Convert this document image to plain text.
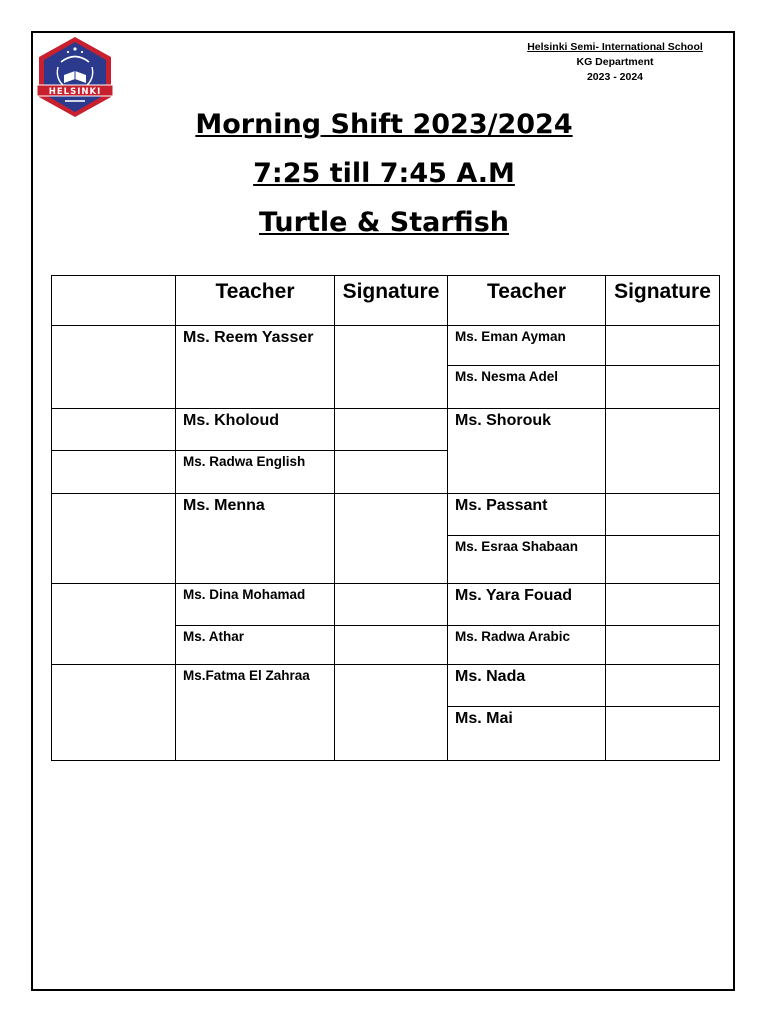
HELSINKI
Helsinki Semi- International School
KG Department
2023 - 2024
Morning Shift 2023/2024
7:25 till 7:45 A.M
Turtle & Starfish
	Teacher	Signature	Teacher	Signature
	Ms. Reem Yasser		Ms. Eman Ayman	
			Ms. Nesma Adel	
	Ms. Kholoud		Ms. Shorouk	
	Ms. Radwa English			
	Ms. Menna		Ms. Passant	
			Ms. Esraa Shabaan	
	Ms. Dina Mohamad		Ms. Yara Fouad	
	Ms. Athar		Ms. Radwa Arabic	
	Ms.Fatma El Zahraa		Ms. Nada	
			Ms. Mai	
